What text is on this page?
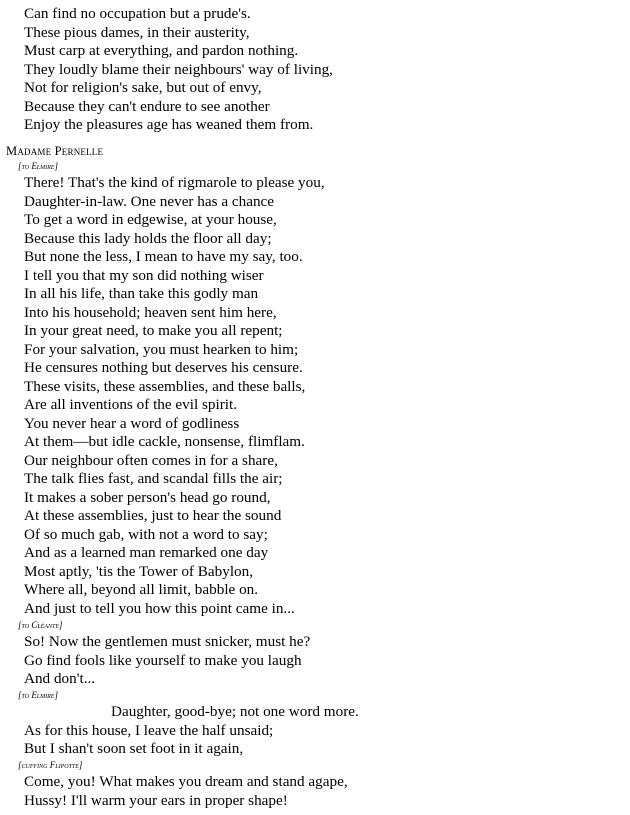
Can find no occupation but a prude's.
These pious dames, in their austerity,
Must carp at everything, and pardon nothing.
They loudly blame their neighbours' way of living,
Not for religion's sake, but out of envy,
Because they can't endure to see another
Enjoy the pleasures age has weaned them from.
Madame Pernelle
[to Elmire]
There! That's the kind of rigmarole to please you,
Daughter-in-law. One never has a chance
To get a word in edgewise, at your house,
Because this lady holds the floor all day;
But none the less, I mean to have my say, too.
I tell you that my son did nothing wiser
In all his life, than take this godly man
Into his household; heaven sent him here,
In your great need, to make you all repent;
For your salvation, you must hearken to him;
He censures nothing but deserves his censure.
These visits, these assemblies, and these balls,
Are all inventions of the evil spirit.
You never hear a word of godliness
At them—but idle cackle, nonsense, flimflam.
Our neighbour often comes in for a share,
The talk flies fast, and scandal fills the air;
It makes a sober person's head go round,
At these assemblies, just to hear the sound
Of so much gab, with not a word to say;
And as a learned man remarked one day
Most aptly, 'tis the Tower of Babylon,
Where all, beyond all limit, babble on.
And just to tell you how this point came in...
[to Cléante]
So! Now the gentlemen must snicker, must he?
Go find fools like yourself to make you laugh
And don't...
[to Elmire]
Daughter, good-bye; not one word more.
As for this house, I leave the half unsaid;
But I shan't soon set foot in it again,
[cuffing Flipotte]
Come, you! What makes you dream and stand agape,
Hussy! I'll warm your ears in proper shape!
